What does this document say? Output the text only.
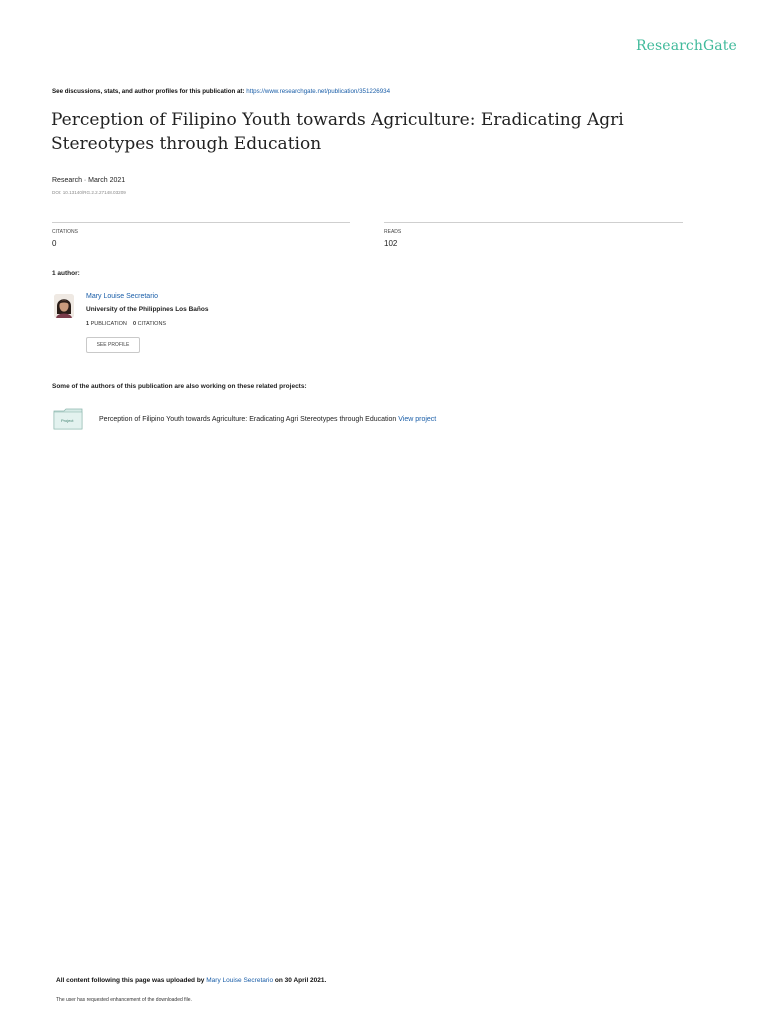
ResearchGate
See discussions, stats, and author profiles for this publication at: https://www.researchgate.net/publication/351226934
Perception of Filipino Youth towards Agriculture: Eradicating Agri Stereotypes through Education
Research · March 2021
DOI: 10.13140/RG.2.2.27148.03209
CITATIONS
0
READS
102
1 author:
Mary Louise Secretario
University of the Philippines Los Baños
1 PUBLICATION 0 CITATIONS
SEE PROFILE
Some of the authors of this publication are also working on these related projects:
Project	Perception of Filipino Youth towards Agriculture: Eradicating Agri Stereotypes through Education View project
All content following this page was uploaded by Mary Louise Secretario on 30 April 2021.
The user has requested enhancement of the downloaded file.
